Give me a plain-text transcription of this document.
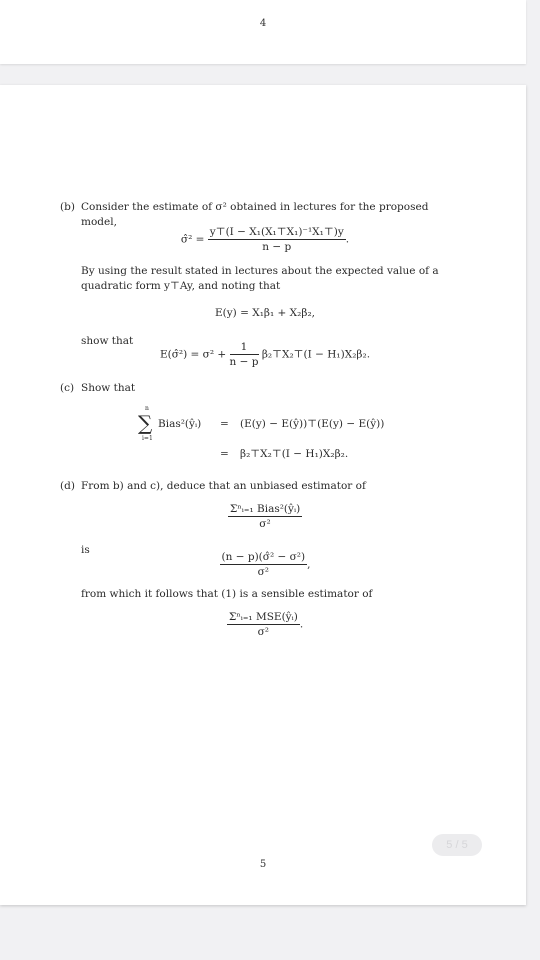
4
(b) Consider the estimate of σ² obtained in lectures for the proposed
model,
σ̂² = $\frac{\text{y⊤(I − X₁(X₁⊤X₁)⁻¹X₁⊤)y}}{n - p}$ .
By using the result stated in lectures about the expected value of a
quadratic form y⊤Ay, and noting that
E(y) = X₁β₁ + X₂β₂,
show that
E(σ̂²) = $\sigma^2 + \frac{1}{n - p}$ β₂⊤X₂⊤(I − H₁)X₂β₂.
(c) Show that
n
∑
i=1
Bias²(ŷᵢ) = (E(y) − E(ŷ))⊤(E(y) − E(ŷ))
= β₂⊤X₂⊤(I − H₁)X₂β₂.
(d) From b) and c), deduce that an unbiased estimator of
$\frac{\text{Σⁿᵢ₌₁ Bias²(ŷᵢ)}}{\text{σ²}}$
is
$\frac{\text{(n − p)(σ̂² − σ²)}}{\text{σ²}}$ ,
from which it follows that (1) is a sensible estimator of
$\frac{\text{Σⁿᵢ₌₁ MSE(ŷᵢ)}}{\text{σ²}}$ .
5
5 / 5
